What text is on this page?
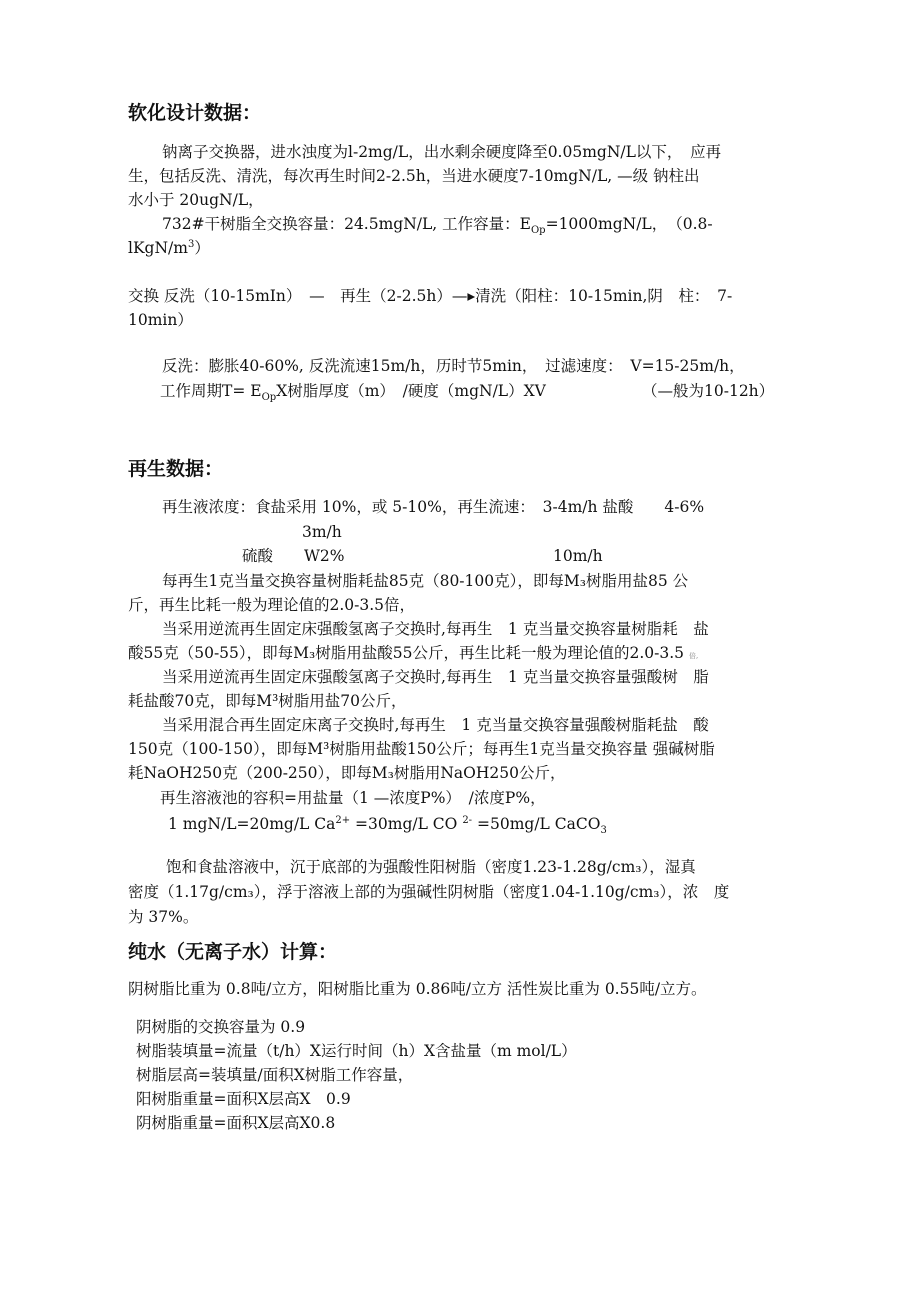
软化设计数据：
钠离子交换器，进水浊度为l-2mg/L，出水剩余硬度降至0.05mgN/L以下，　应再
生，包括反洗、清洗，每次再生时间2-2.5h，当进水硬度7-10mgN/L, —级 钠柱出
水小于 20ugN/L，
732#干树脂全交换容量：24.5mgN/L, 工作容量：$E_{Op}=1000mgN/L$，　（0.8-
lKgN/$m^3$）
交换 反洗（10-15mIn）　—　再生（2-2.5h）—▸清洗（阳柱：10-15min,阴　柱：　7-
10min）
反洗：膨胀40-60%, 反洗流速15m/h，历时节5min，　过滤速度：　V=15-25m/h，
工作周期$T= E_{Op}X$树脂厚度（m）　/硬度（mgN/L）XV	（—般为10-12h）
再生数据：
再生液浓度：食盐采用 10%，或 5-10%，再生流速：　3-4m/h 盐酸　　4-6%
3m/h
硫酸　　W2%	10m/h
每再生1克当量交换容量树脂耗盐85克（80-100克），即每M₃树脂用盐85 公
斤，再生比耗一般为理论值的2.0-3.5倍，
当采用逆流再生固定床强酸氢离子交换时,每再生　1 克当量交换容量树脂耗　盐
酸55克（50-55），即每M₃树脂用盐酸55公斤，再生比耗一般为理论值的2.0-3.5 倍,
当采用逆流再生固定床强酸氢离子交换时,每再生　1 克当量交换容量强酸树　脂
耗盐酸70克，即每M³树脂用盐70公斤，
当采用混合再生固定床离子交换时,每再生　1 克当量交换容量强酸树脂耗盐　酸
150克（100-150），即每M³树脂用盐酸150公斤；每再生1克当量交换容量 强碱树脂
耗NaOH250克（200-250），即每M₃树脂用NaOH250公斤，
再生溶液池的容积=用盐量（1 —浓度P%）　/浓度P%，
1 mgN/L=20mg/L $Ca^{2+} =30mg/L$ CO $^{2-}$ =50mg/L CaCO$_3$
饱和食盐溶液中，沉于底部的为强酸性阳树脂（密度1.23-1.28g/cm₃），湿真
密度（1.17g/cm₃），浮于溶液上部的为强碱性阴树脂（密度1.04-1.10g/cm₃），浓　度
为 37%。
纯水（无离子水）计算：
阴树脂比重为 0.8吨/立方，阳树脂比重为 0.86吨/立方 活性炭比重为 0.55吨/立方。
阴树脂的交换容量为 0.9
树脂装填量=流量（t/h）X运行时间（h）X含盐量（m mol/L）
树脂层高=装填量/面积X树脂工作容量，
阳树脂重量=面积X层高X　0.9
阴树脂重量=面积X层高X0.8
